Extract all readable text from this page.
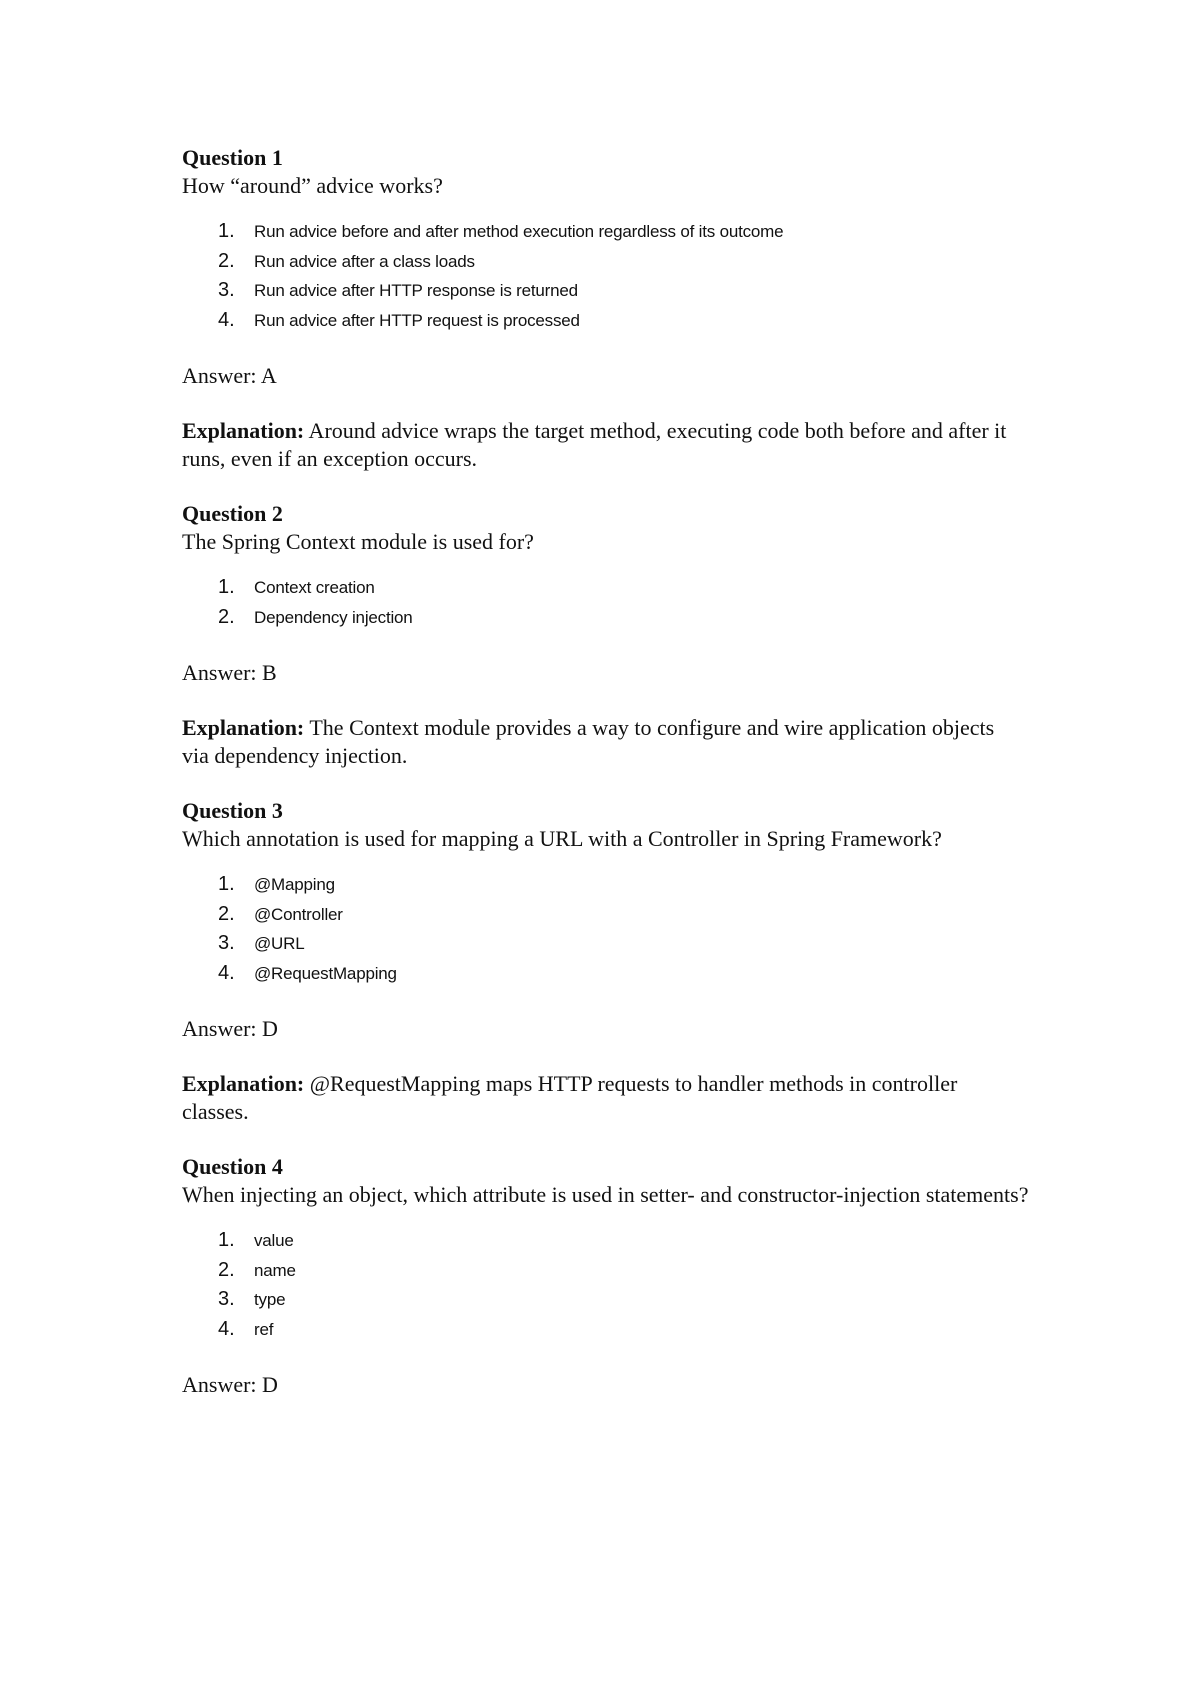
Question 1

How “around” advice works?

1.	Run advice before and after method execution regardless of its outcome
2.	Run advice after a class loads
3.	Run advice after HTTP response is returned
4.	Run advice after HTTP request is processed

Answer: A

Explanation: Around advice wraps the target method, executing code both before and after it runs, even if an exception occurs.

Question 2

The Spring Context module is used for?

1.	Context creation
2.	Dependency injection

Answer: B

Explanation: The Context module provides a way to configure and wire application objects via dependency injection.

Question 3

Which annotation is used for mapping a URL with a Controller in Spring Framework?

1.	@Mapping
2.	@Controller
3.	@URL
4.	@RequestMapping

Answer: D

Explanation: @RequestMapping maps HTTP requests to handler methods in controller classes.

Question 4

When injecting an object, which attribute is used in setter- and constructor-injection statements?

1.	value
2.	name
3.	type
4.	ref

Answer: D
